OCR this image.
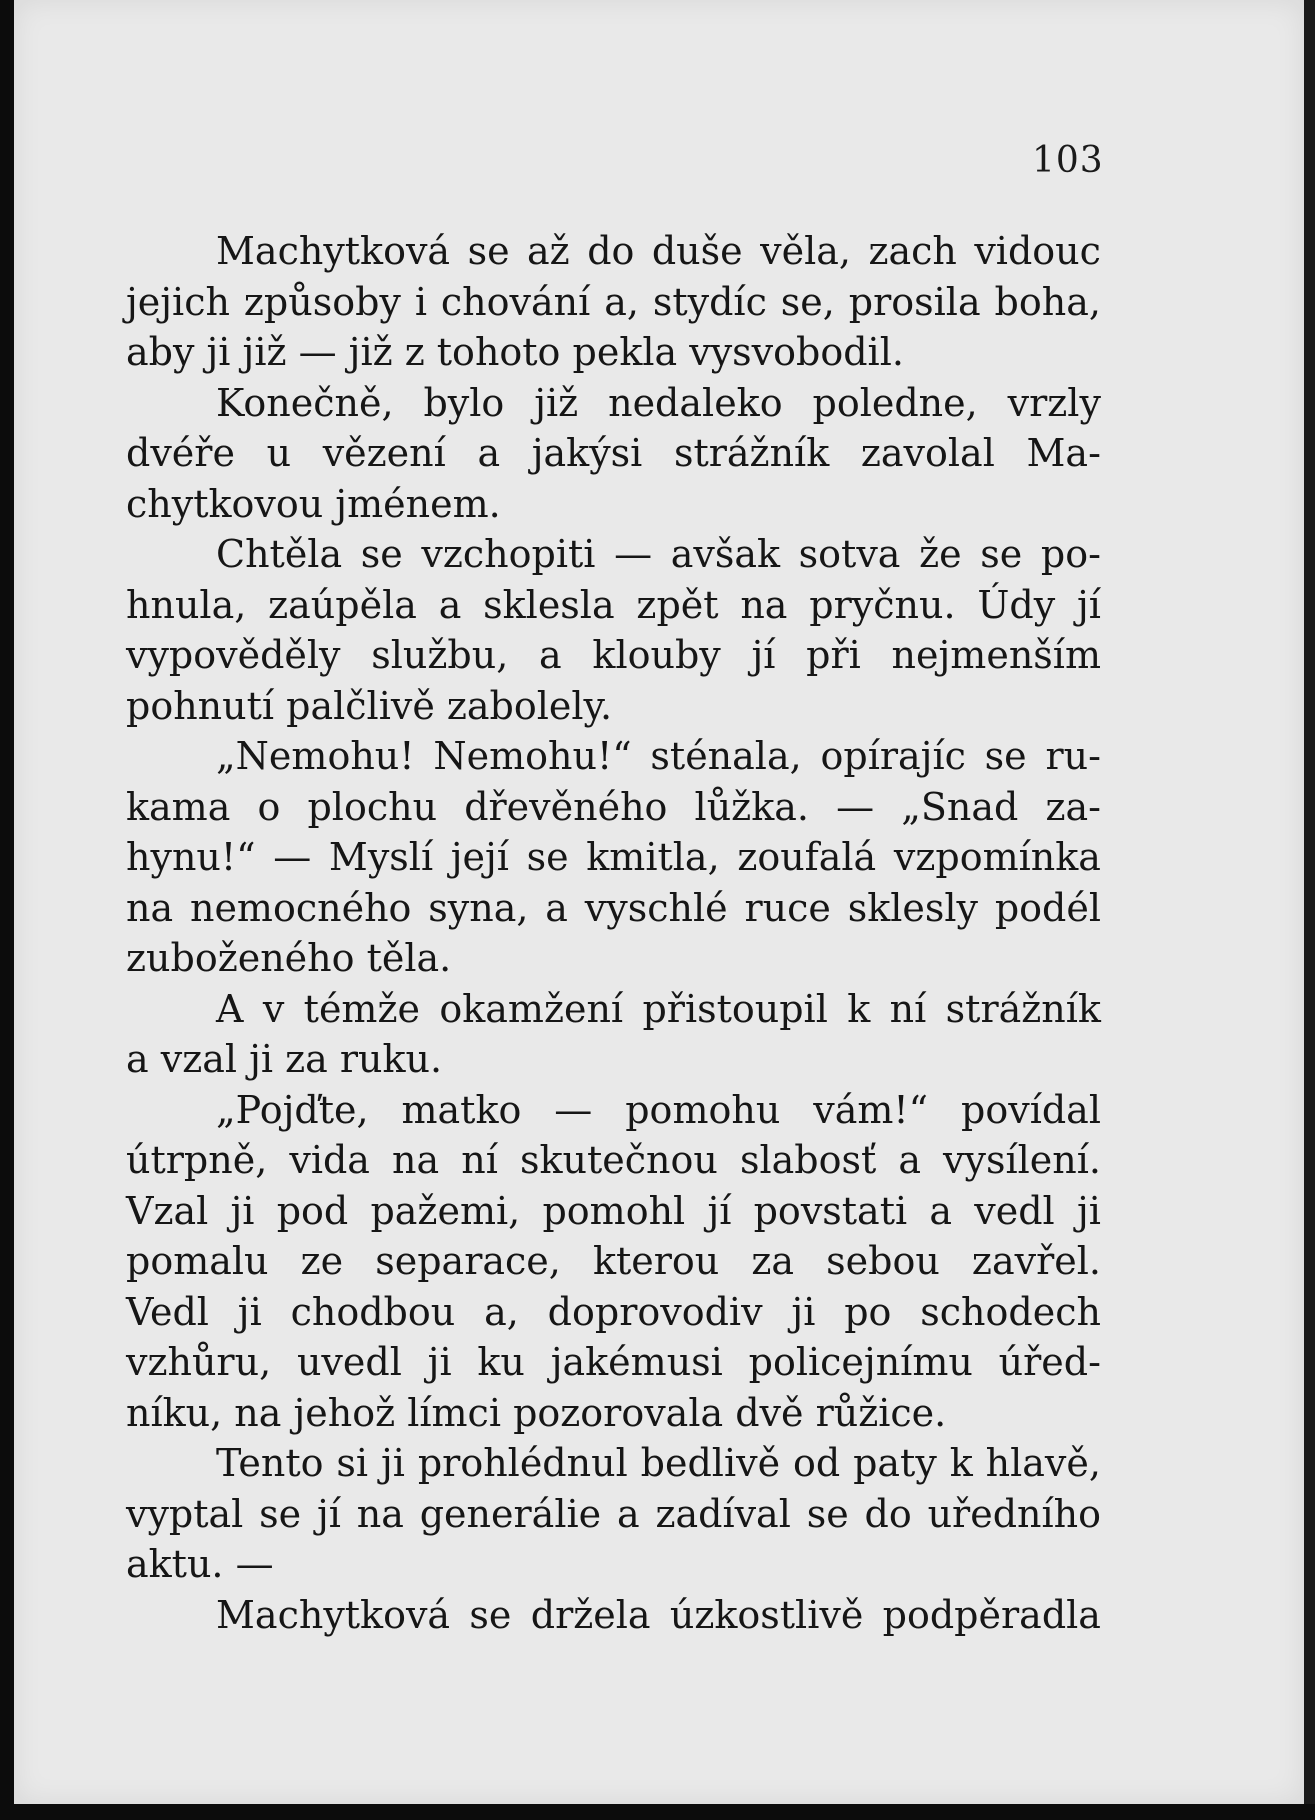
103
Machytková se až do duše věla, zach vidouc
jejich způsoby i chování a, stydíc se, prosila boha,
aby ji již — již z tohoto pekla vysvobodil.
Konečně, bylo již nedaleko poledne, vrzly
dvéře u vězení a jakýsi strážník zavolal Ma-
chytkovou jménem.
Chtěla se vzchopiti — avšak sotva že se po-
hnula, zaúpěla a sklesla zpět na pryčnu. Údy jí
vypověděly službu, a klouby jí při nejmenším
pohnutí palčlivě zabolely.
„Nemohu! Nemohu!“ sténala, opírajíc se ru-
kama o plochu dřevěného lůžka. — „Snad za-
hynu!“ — Myslí její se kmitla, zoufalá vzpomínka
na nemocného syna, a vyschlé ruce sklesly podél
zuboženého těla.
A v témže okamžení přistoupil k ní strážník
a vzal ji za ruku.
„Pojďte, matko — pomohu vám!“ povídal
útrpně, vida na ní skutečnou slabosť a vysílení.
Vzal ji pod pažemi, pomohl jí povstati a vedl ji
pomalu ze separace, kterou za sebou zavřel.
Vedl ji chodbou a, doprovodiv ji po schodech
vzhůru, uvedl ji ku jakémusi policejnímu úřed-
níku, na jehož límci pozorovala dvě růžice.
Tento si ji prohlédnul bedlivě od paty k hlavě,
vyptal se jí na generálie a zadíval se do uředního
aktu. —
Machytková se držela úzkostlivě podpěradla
